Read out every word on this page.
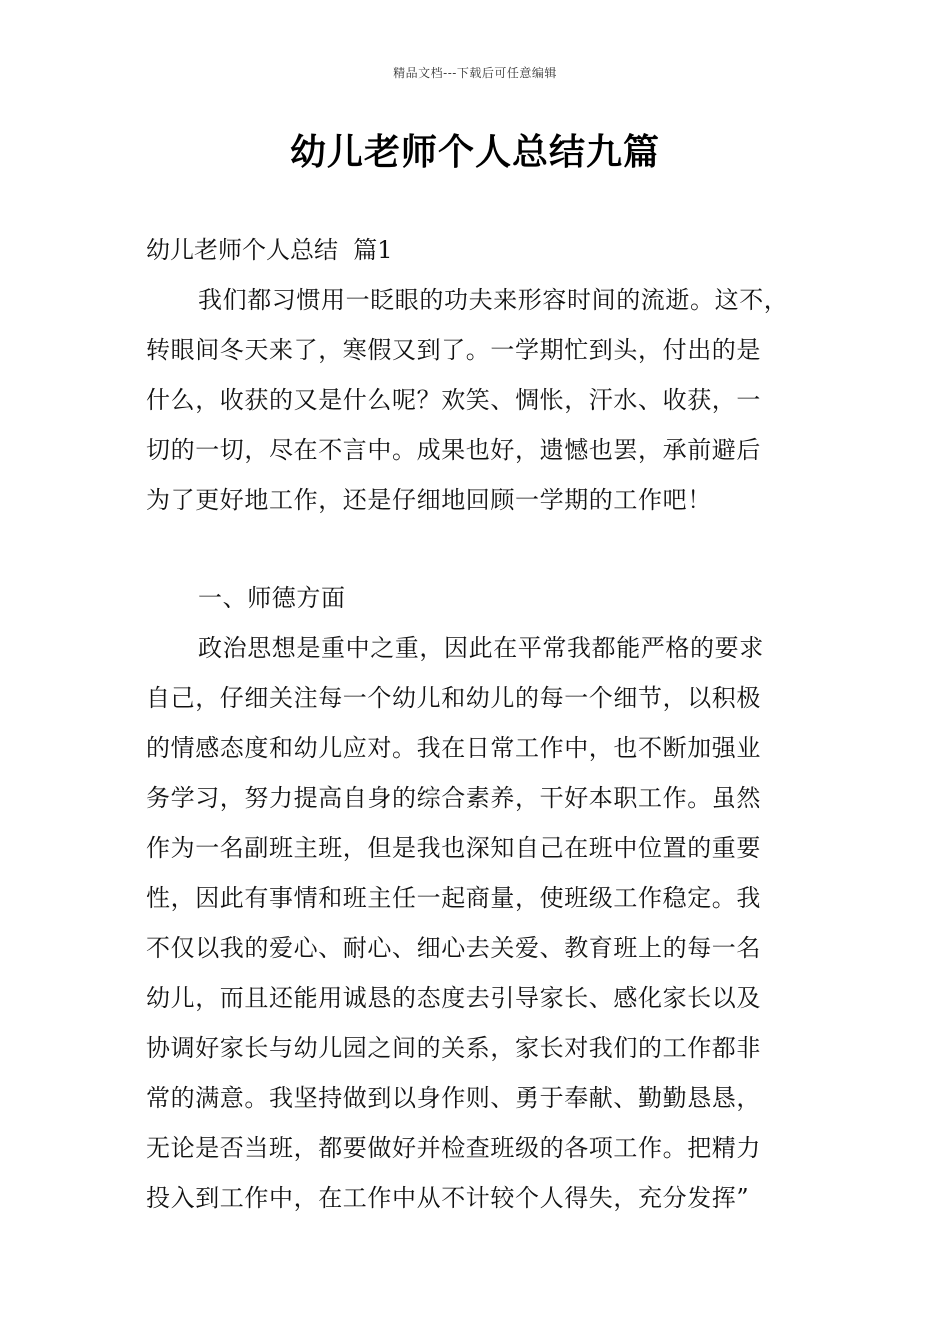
精品文档---下载后可任意编辑
幼儿老师个人总结九篇
幼儿老师个人总结  篇1
我们都习惯用一眨眼的功夫来形容时间的流逝。这不，
转眼间冬天来了，寒假又到了。一学期忙到头，付出的是
什么，收获的又是什么呢？欢笑、惆怅，汗水、收获，一
切的一切，尽在不言中。成果也好，遗憾也罢，承前避后
为了更好地工作，还是仔细地回顾一学期的工作吧！
一、师德方面
政治思想是重中之重，因此在平常我都能严格的要求
自己，仔细关注每一个幼儿和幼儿的每一个细节，以积极
的情感态度和幼儿应对。我在日常工作中，也不断加强业
务学习，努力提高自身的综合素养，干好本职工作。虽然
作为一名副班主班，但是我也深知自己在班中位置的重要
性，因此有事情和班主任一起商量，使班级工作稳定。我
不仅以我的爱心、耐心、细心去关爱、教育班上的每一名
幼儿，而且还能用诚恳的态度去引导家长、感化家长以及
协调好家长与幼儿园之间的关系，家长对我们的工作都非
常的满意。我坚持做到以身作则、勇于奉献、勤勤恳恳，
无论是否当班，都要做好并检查班级的各项工作。把精力
投入到工作中，在工作中从不计较个人得失，充分发挥”
